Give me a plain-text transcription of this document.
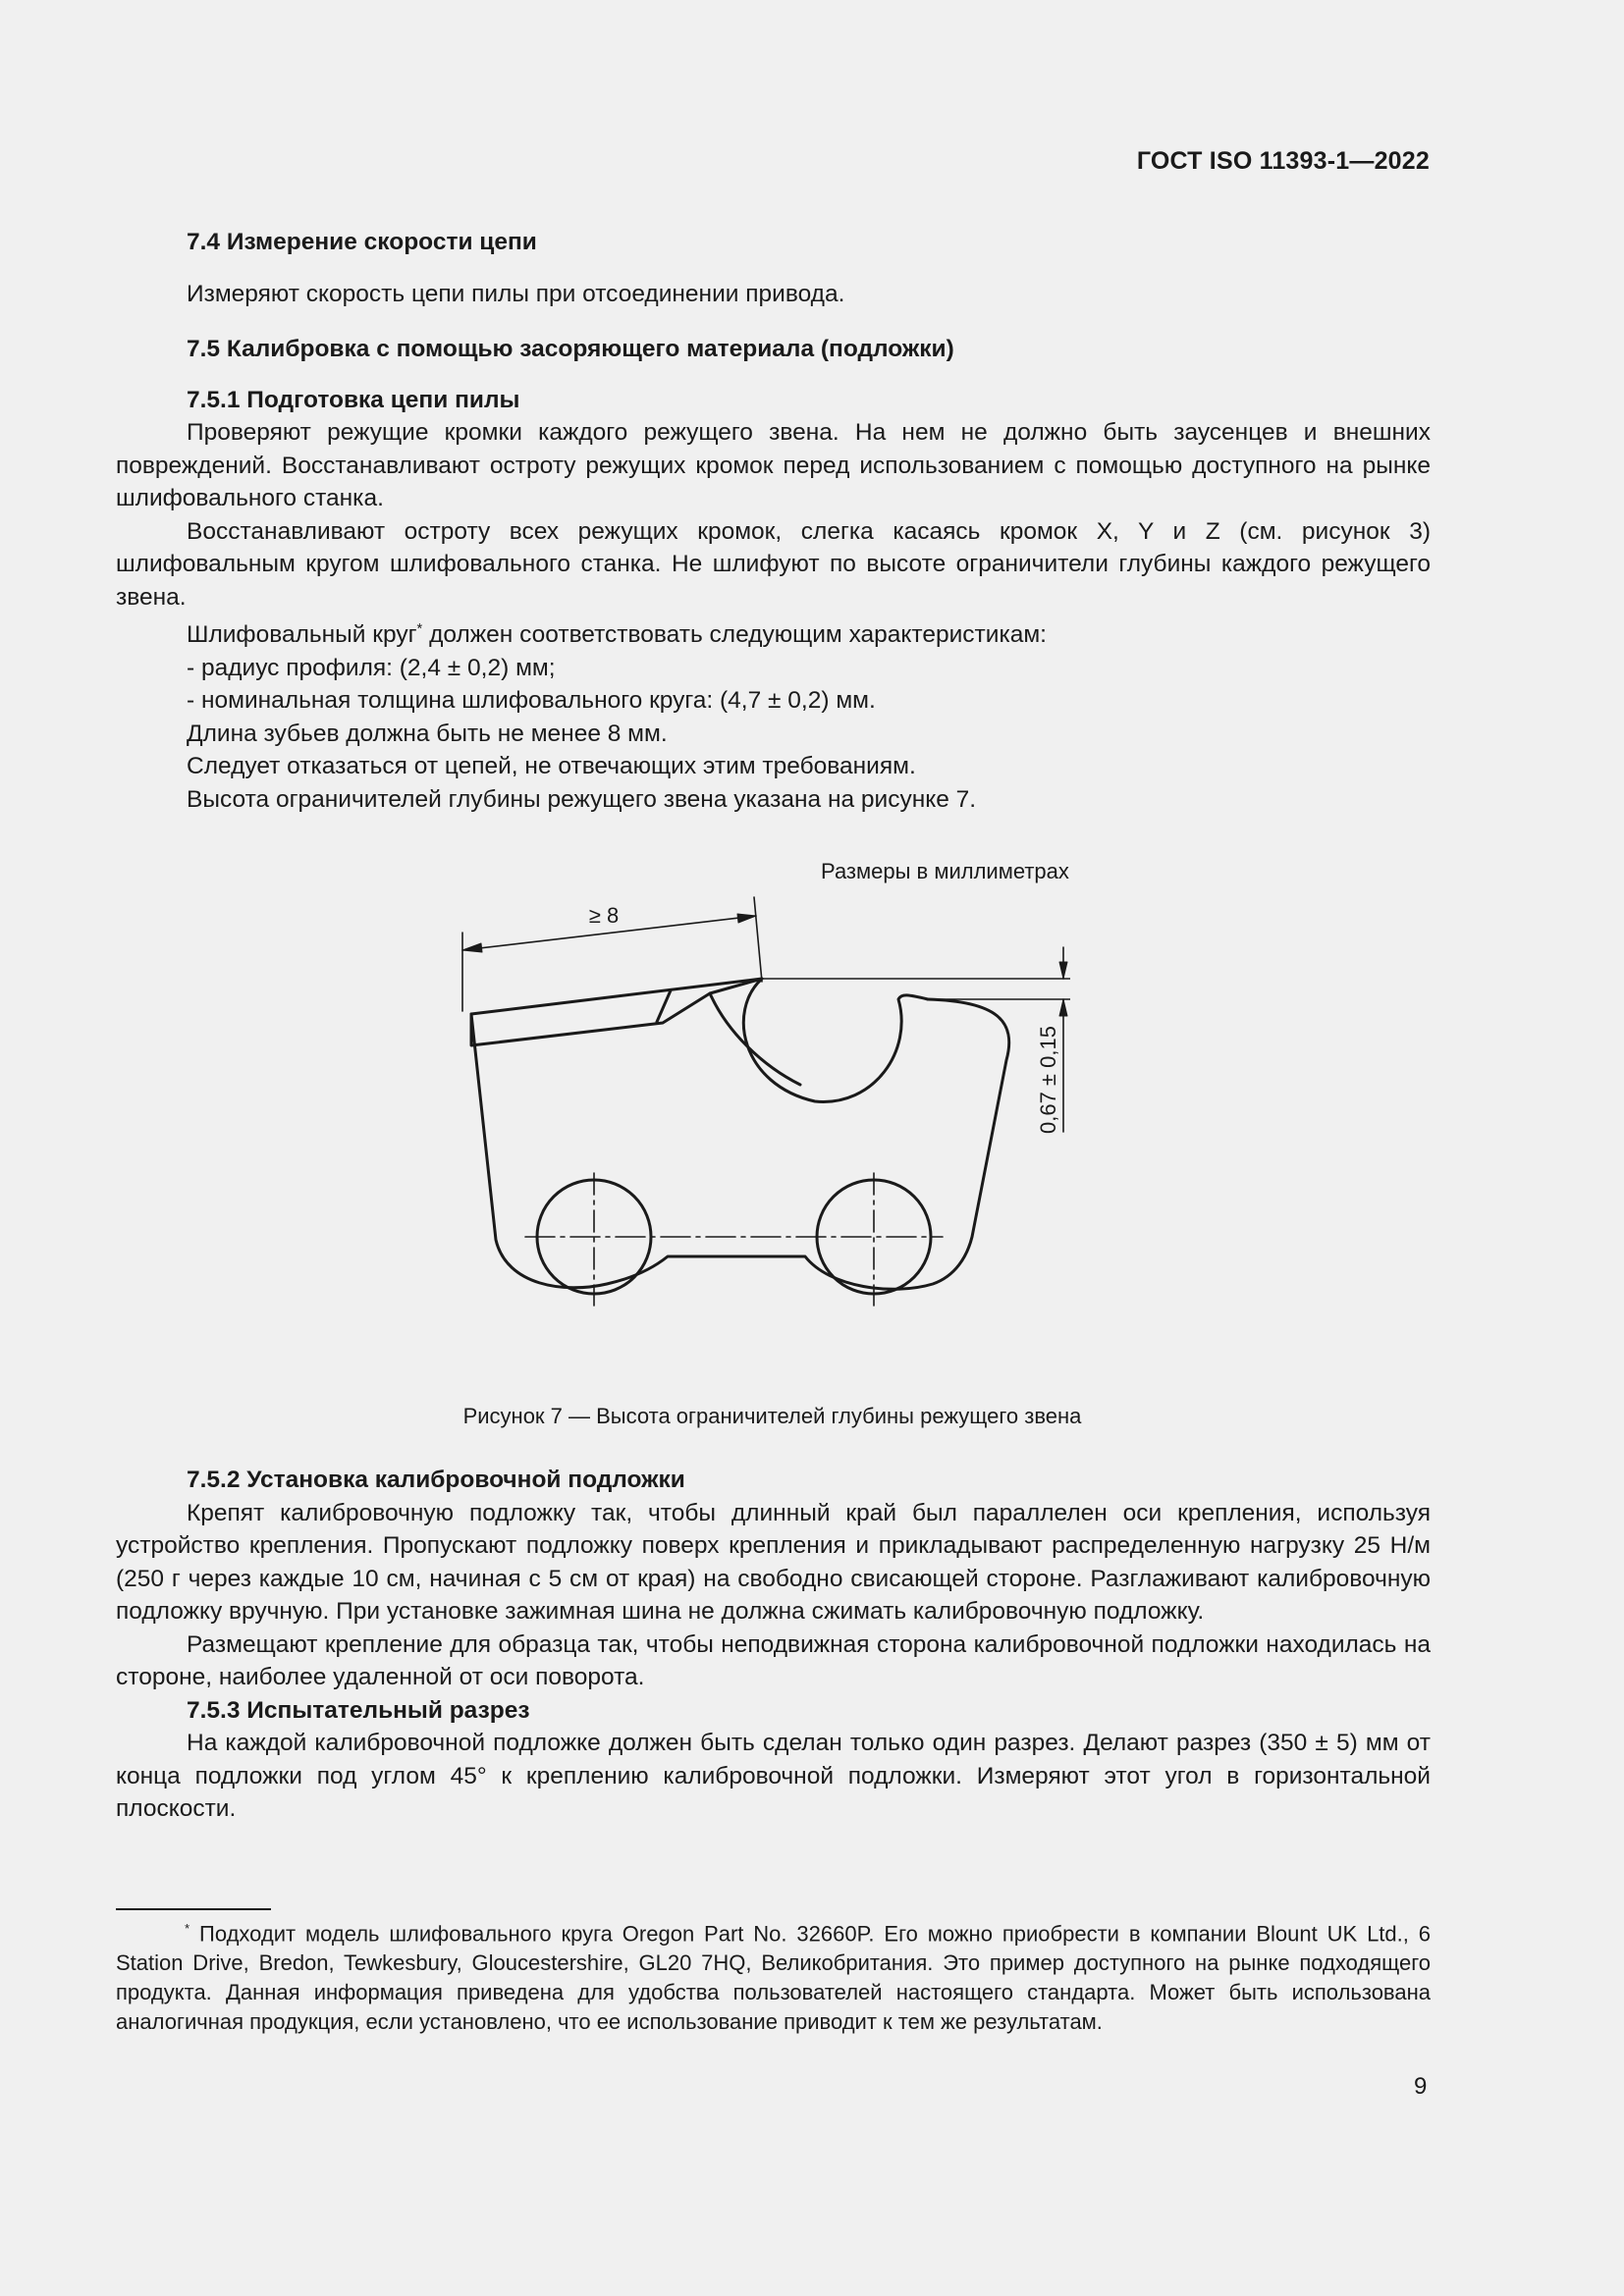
ГОСТ ISO 11393-1—2022
7.4 Измерение скорости цепи

Измеряют скорость цепи пилы при отсоединении привода.

7.5 Калибровка с помощью засоряющего материала (подложки)
7.5.1 Подготовка цепи пилы

Проверяют режущие кромки каждого режущего звена. На нем не должно быть заусенцев и внешних повреждений. Восстанавливают остроту режущих кромок перед использованием с помощью доступного на рынке шлифовального станка.

Восстанавливают остроту всех режущих кромок, слегка касаясь кромок X, Y и Z (см. рисунок 3) шлифовальным кругом шлифовального станка. Не шлифуют по высоте ограничители глубины каждого режущего звена.

Шлифовальный круг* должен соответствовать следующим характеристикам:

- радиус профиля: (2,4 ± 0,2) мм;

- номинальная толщина шлифовального круга: (4,7 ± 0,2) мм.

Длина зубьев должна быть не менее 8 мм.

Следует отказаться от цепей, не отвечающих этим требованиям.

Высота ограничителей глубины режущего звена указана на рисунке 7.

Размеры в миллиметрах
≥ 8
0,67 ± 0,15
Рисунок 7 — Высота ограничителей глубины режущего звена
7.5.2 Установка калибровочной подложки

Крепят калибровочную подложку так, чтобы длинный край был параллелен оси крепления, используя устройство крепления. Пропускают подложку поверх крепления и прикладывают распределенную нагрузку 25 Н/м (250 г через каждые 10 см, начиная с 5 см от края) на свободно свисающей стороне. Разглаживают калибровочную подложку вручную. При установке зажимная шина не должна сжимать калибровочную подложку.

Размещают крепление для образца так, чтобы неподвижная сторона калибровочной подложки находилась на стороне, наиболее удаленной от оси поворота.

7.5.3 Испытательный разрез

На каждой калибровочной подложке должен быть сделан только один разрез. Делают разрез (350 ± 5) мм от конца подложки под углом 45° к креплению калибровочной подложки. Измеряют этот угол в горизонтальной плоскости.

* Подходит модель шлифовального круга Oregon Part No. 32660P. Его можно приобрести в компании Blount UK Ltd., 6 Station Drive, Bredon, Tewkesbury, Gloucestershire, GL20 7HQ, Великобритания. Это пример доступного на рынке подходящего продукта. Данная информация приведена для удобства пользователей настоящего стандарта. Может быть использована аналогичная продукция, если установлено, что ее использование приводит к тем же результатам.

9
